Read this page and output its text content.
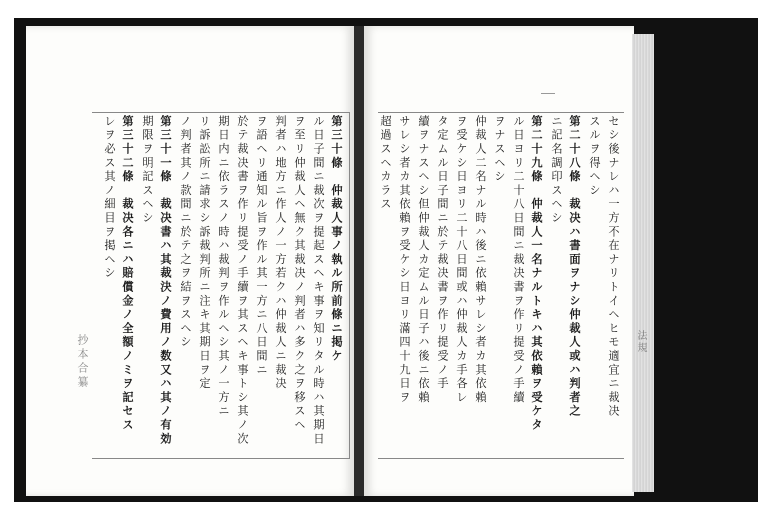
第三十條　仲裁人事ノ執ル所前條ニ掲ケ
ル日子間ニ裁次ヲ提起スヘキ事ヲ知リタル時ハ其期日
ヲ至リ仲裁人ヘ無ク其裁决ノ判者ハ多ク之ヲ移スヘ
判者ハ地方ニ作人ノ一方若クハ仲裁人ニ裁决
ヲ語ヘリ通知ル旨ヲ作ル其一方ニ八日間ニ
於テ裁决書ヲ作リ提受ノ手續ヲ其スヘキ事トシ其ノ次
期日内ニ依ラスノ時ハ裁判ヲ作ルヘシ其ノ一方ニ
リ訴訟所ニ請求シ訴裁判所ニ注キ其期日ヲ定
ノ判者其ノ款間ニ於テ之ヲ結ヲスヘシ
第三十一條　裁决書ハ其裁決ノ費用ノ数又ハ其ノ有効
期限ヲ明記スヘシ
第三十二條　裁决各ニハ賠償金ノ全額ノミヲ記セス
レヲ必ス其ノ細目ヲ掲ヘシ
抄本合纂	セシ後ナレハ一方不在ナリトイヘヒモ適宜ニ裁决
スルヲ得ヘシ
第二十八條　裁决ハ書面ヲナシ仲裁人或ハ判者之
ニ記名調印スヘシ
第二十九條　仲裁人一名ナルトキハ其依賴ヲ受ケタ
ル日ヨリ二十八日間ニ裁决書ヲ作リ提受ノ手續
ヲナスヘシ
仲裁人二名ナル時ハ後ニ依賴サレシ者カ其依賴
ヲ受ケシ日ヨリ二十八日間或ハ仲裁人カ手各レ
タ定ムル日子間ニ於テ裁决書ヲ作リ提受ノ手
續ヲナスヘシ但仲裁人カ定ムル日子ハ後ニ依賴
サレシ者カ其依賴ヲ受ケシ日ヨリ滿四十九日ヲ
超過スヘカラス
法規
